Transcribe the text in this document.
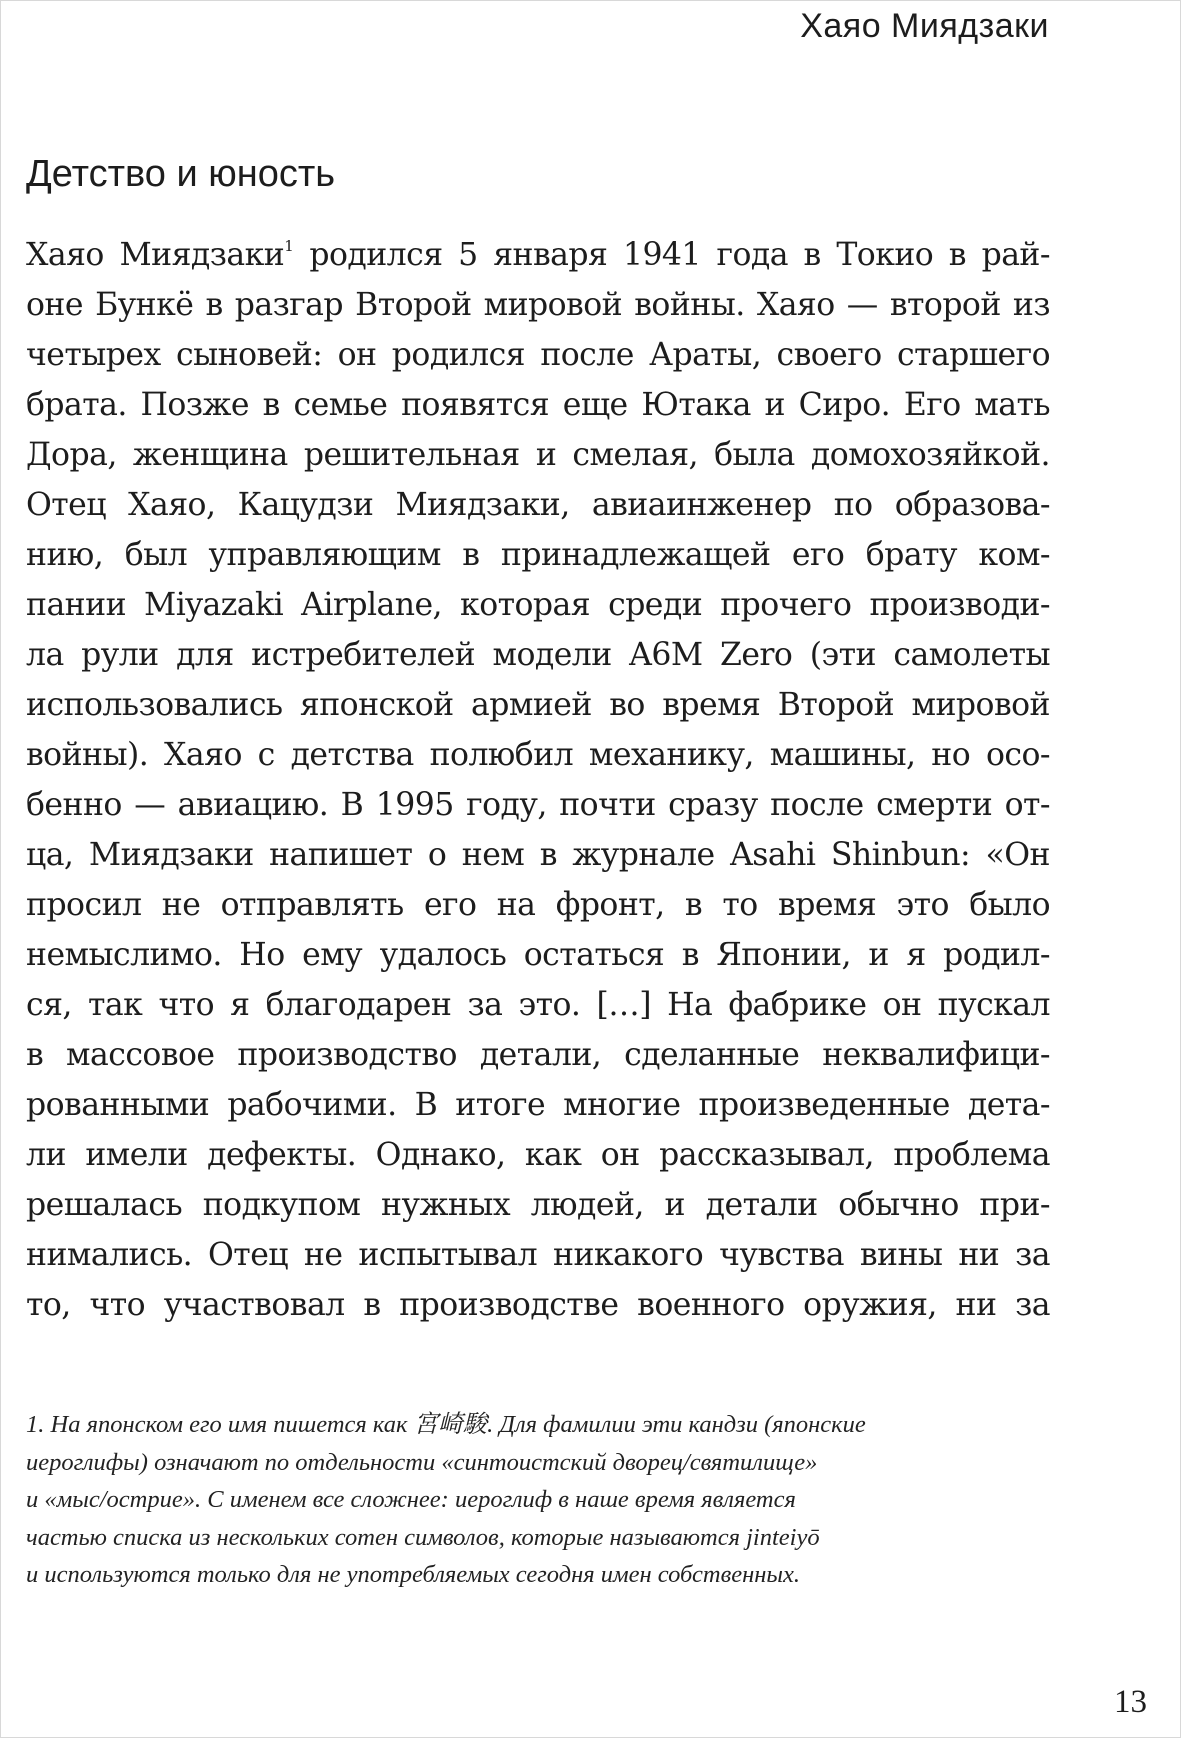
Хаяо Миядзаки
Детство и юность
Хаяо Миядзаки$^1$ родился 5 января 1941 года в Токио в рай-
оне Бункё в разгар Второй мировой войны. Хаяо — второй из
четырех сыновей: он родился после Араты, своего старшего
брата. Позже в семье появятся еще Ютака и Сиро. Его мать
Дора, женщина решительная и смелая, была домохозяйкой.
Отец Хаяо, Кацудзи Миядзаки, авиаинженер по образова-
нию, был управляющим в принадлежащей его брату ком-
пании Miyazaki Airplane, которая среди прочего производи-
ла рули для истребителей модели A6M Zero (эти самолеты
использовались японской армией во время Второй мировой
войны). Хаяо с детства полюбил механику, машины, но осо-
бенно — авиацию. В 1995 году, почти сразу после смерти от-
ца, Миядзаки напишет о нем в журнале Asahi Shinbun: «Он
просил не отправлять его на фронт, в то время это было
немыслимо. Но ему удалось остаться в Японии, и я родил-
ся, так что я благодарен за это. […] На фабрике он пускал
в массовое производство детали, сделанные неквалифици-
рованными рабочими. В итоге многие произведенные дета-
ли имели дефекты. Однако, как он рассказывал, проблема
решалась подкупом нужных людей, и детали обычно при-
нимались. Отец не испытывал никакого чувства вины ни за
то, что участвовал в производстве военного оружия, ни за
1. На японском его имя пишется как 宮崎駿. Для фамилии эти кандзи (японские
иероглифы) означают по отдельности «синтоистский дворец/святилище»
и «мыс/острие». С именем все сложнее: иероглиф в наше время является
частью списка из нескольких сотен символов, которые называются jinteiyō
и используются только для не употребляемых сегодня имен собственных.
13
